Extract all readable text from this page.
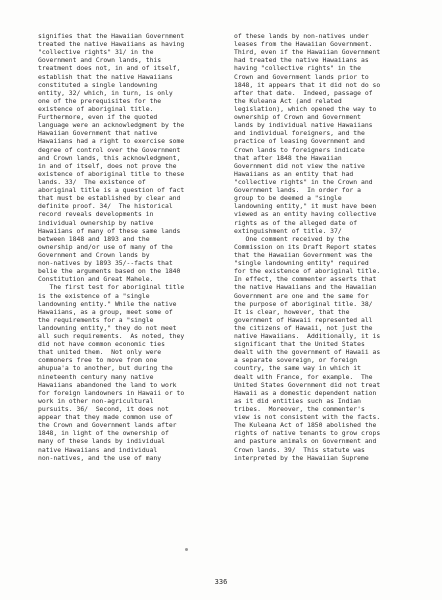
signifies that the Hawaiian Government
treated the native Hawaiians as having
"collective rights" 31/ in the
Government and Crown lands, this
treatment does not, in and of itself,
establish that the native Hawaiians
constituted a single landowning
entity, 32/ which, in turn, is only
one of the prerequisites for the
existence of aboriginal title.
Furthermore, even if the quoted
language were an acknowledgment by the
Hawaiian Government that native
Hawaiians had a right to exercise some
degree of control over the Government
and Crown lands, this acknowledgment,
in and of itself, does not prove the
existence of aboriginal title to these
lands. 33/  The existence of
aboriginal title is a question of fact
that must be established by clear and
definite proof. 34/  The historical
record reveals developments in
individual ownership by native
Hawaiians of many of these same lands
between 1848 and 1893 and the
ownership and/or use of many of the
Government and Crown lands by
non-natives by 1893 35/--facts that
belie the arguments based on the 1840
Constitution and Great Mahele.
The first test for aboriginal title
is the existence of a "single
landowning entity." While the native
Hawaiians, as a group, meet some of
the requirements for a "single
landowning entity," they do not meet
all such requirements.  As noted, they
did not have common economic ties
that united them.  Not only were
commoners free to move from one
ahupua'a to another, but during the
nineteenth century many native
Hawaiians abandoned the land to work
for foreign landowners in Hawaii or to
work in other non-agricultural
pursuits. 36/  Second, it does not
appear that they made common use of
the Crown and Government lands after
1848, in light of the ownership of
many of these lands by individual
native Hawaiians and individual
non-natives, and the use of many
of these lands by non-natives under
leases from the Hawaiian Government.
Third, even if the Hawaiian Government
had treated the native Hawaiians as
having "collective rights" in the
Crown and Government lands prior to
1848, it appears that it did not do so
after that date.  Indeed, passage of
the Kuleana Act (and related
legislation), which opened the way to
ownership of Crown and Government
lands by individual native Hawaiians
and individual foreigners, and the
practice of leasing Government and
Crown lands to foreigners indicate
that after 1848 the Hawaiian
Government did not view the native
Hawaiians as an entity that had
"collective rights" in the Crown and
Government lands.  In order for a
group to be deemed a "single
landowning entity," it must have been
viewed as an entity having collective
rights as of the alleged date of
extinguishment of title. 37/
One comment received by the
Commission on its Draft Report states
that the Hawaiian Government was the
"single landowning entity" required
for the existence of aboriginal title.
In effect, the commenter asserts that
the native Hawaiians and the Hawaiian
Government are one and the same for
the purpose of aboriginal title. 38/
It is clear, however, that the
government of Hawaii represented all
the citizens of Hawaii, not just the
native Hawaiians.  Additionally, it is
significant that the United States
dealt with the government of Hawaii as
a separate sovereign, or foreign
country, the same way in which it
dealt with France, for example.  The
United States Government did not treat
Hawaii as a domestic dependent nation
as it did entities such as Indian
tribes.  Moreover, the commenter's
view is not consistent with the facts.
The Kuleana Act of 1850 abolished the
rights of native tenants to grow crops
and pasture animals on Government and
Crown lands. 39/  This statute was
interpreted by the Hawaiian Supreme
336
